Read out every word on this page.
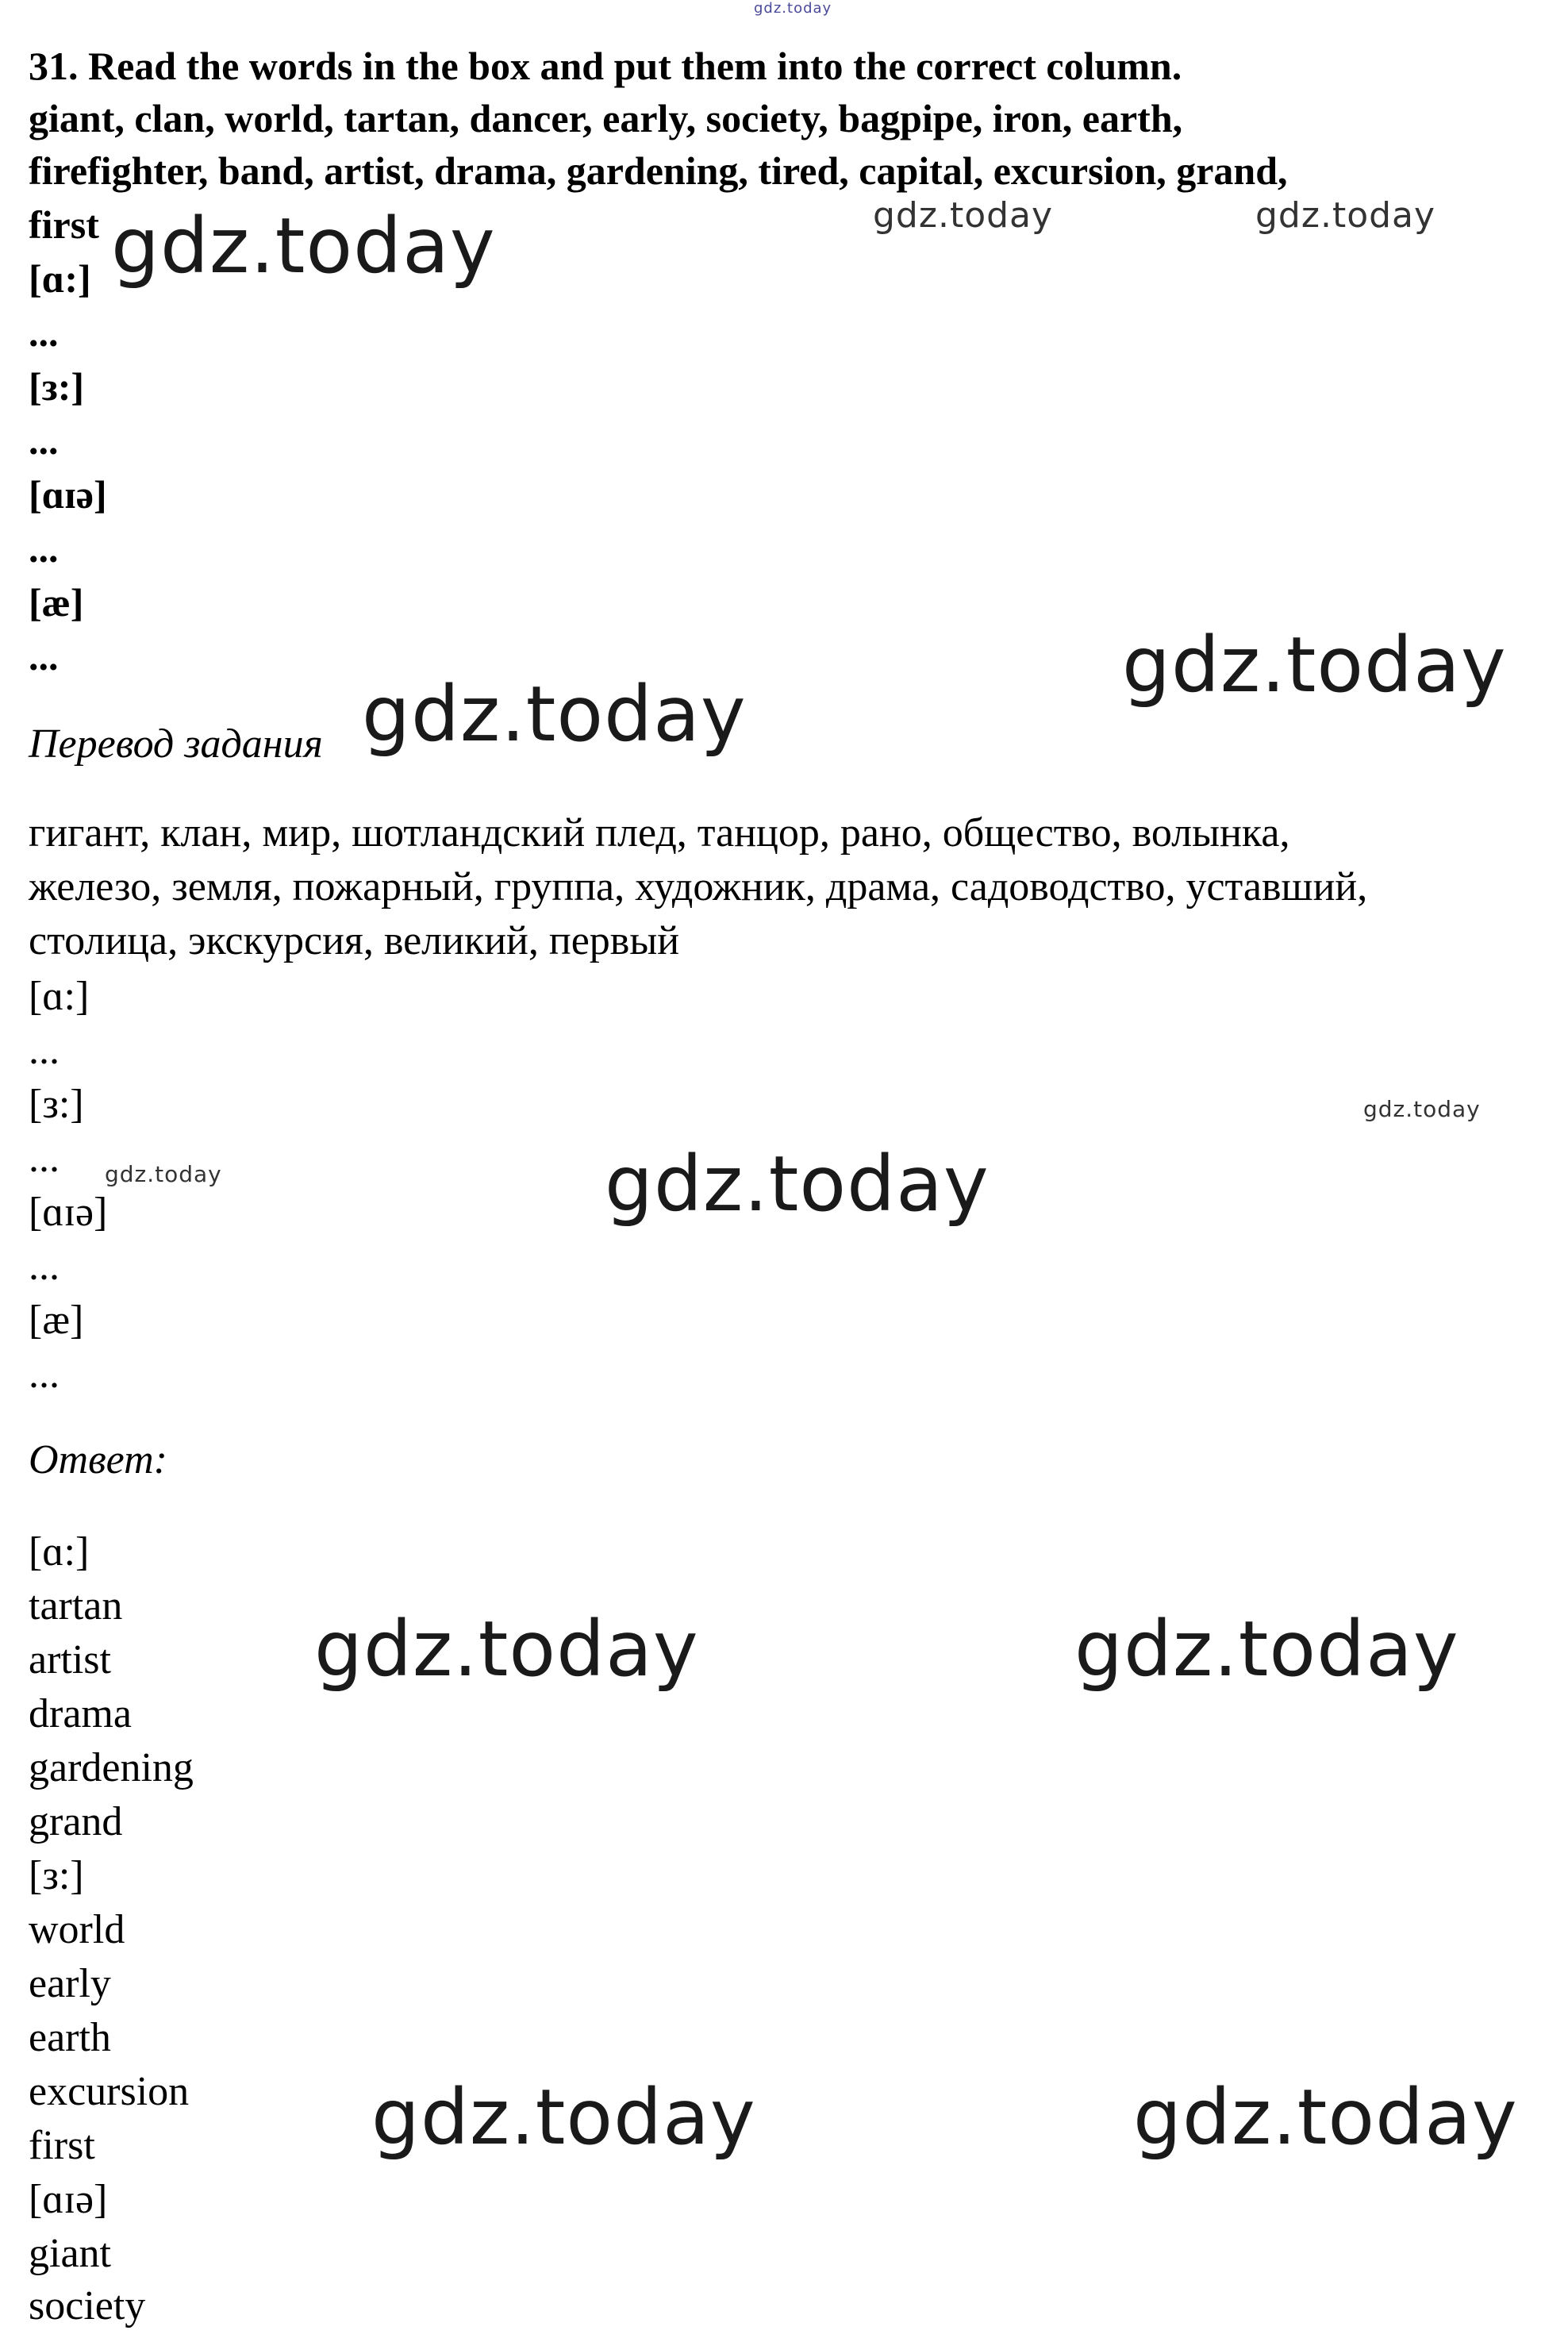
gdz.today
31. Read the words in the box and put them into the correct column.
giant, clan, world, tartan, dancer, early, society, bagpipe, iron, earth,
firefighter, band, artist, drama, gardening, tired, capital, excursion, grand,
first
[ɑ:]
...
[з:]
...
[ɑɪə]
...
[æ]
...
Перевод задания
гигант, клан, мир, шотландский плед, танцор, рано, общество, волынка,
железо, земля, пожарный, группа, художник, драма, садоводство, уставший,
столица, экскурсия, великий, первый
[ɑ:]
...
[з:]
...
[ɑɪə]
...
[æ]
...
Ответ:
[ɑ:]
tartan
artist
drama
gardening
grand
[з:]
world
early
earth
excursion
first
[ɑɪə]
giant
society
gdz.today	gdz.today	gdz.today
gdz.today
gdz.today
gdz.today
gdz.today	gdz.today
gdz.today	gdz.today
gdz.today	gdz.today
